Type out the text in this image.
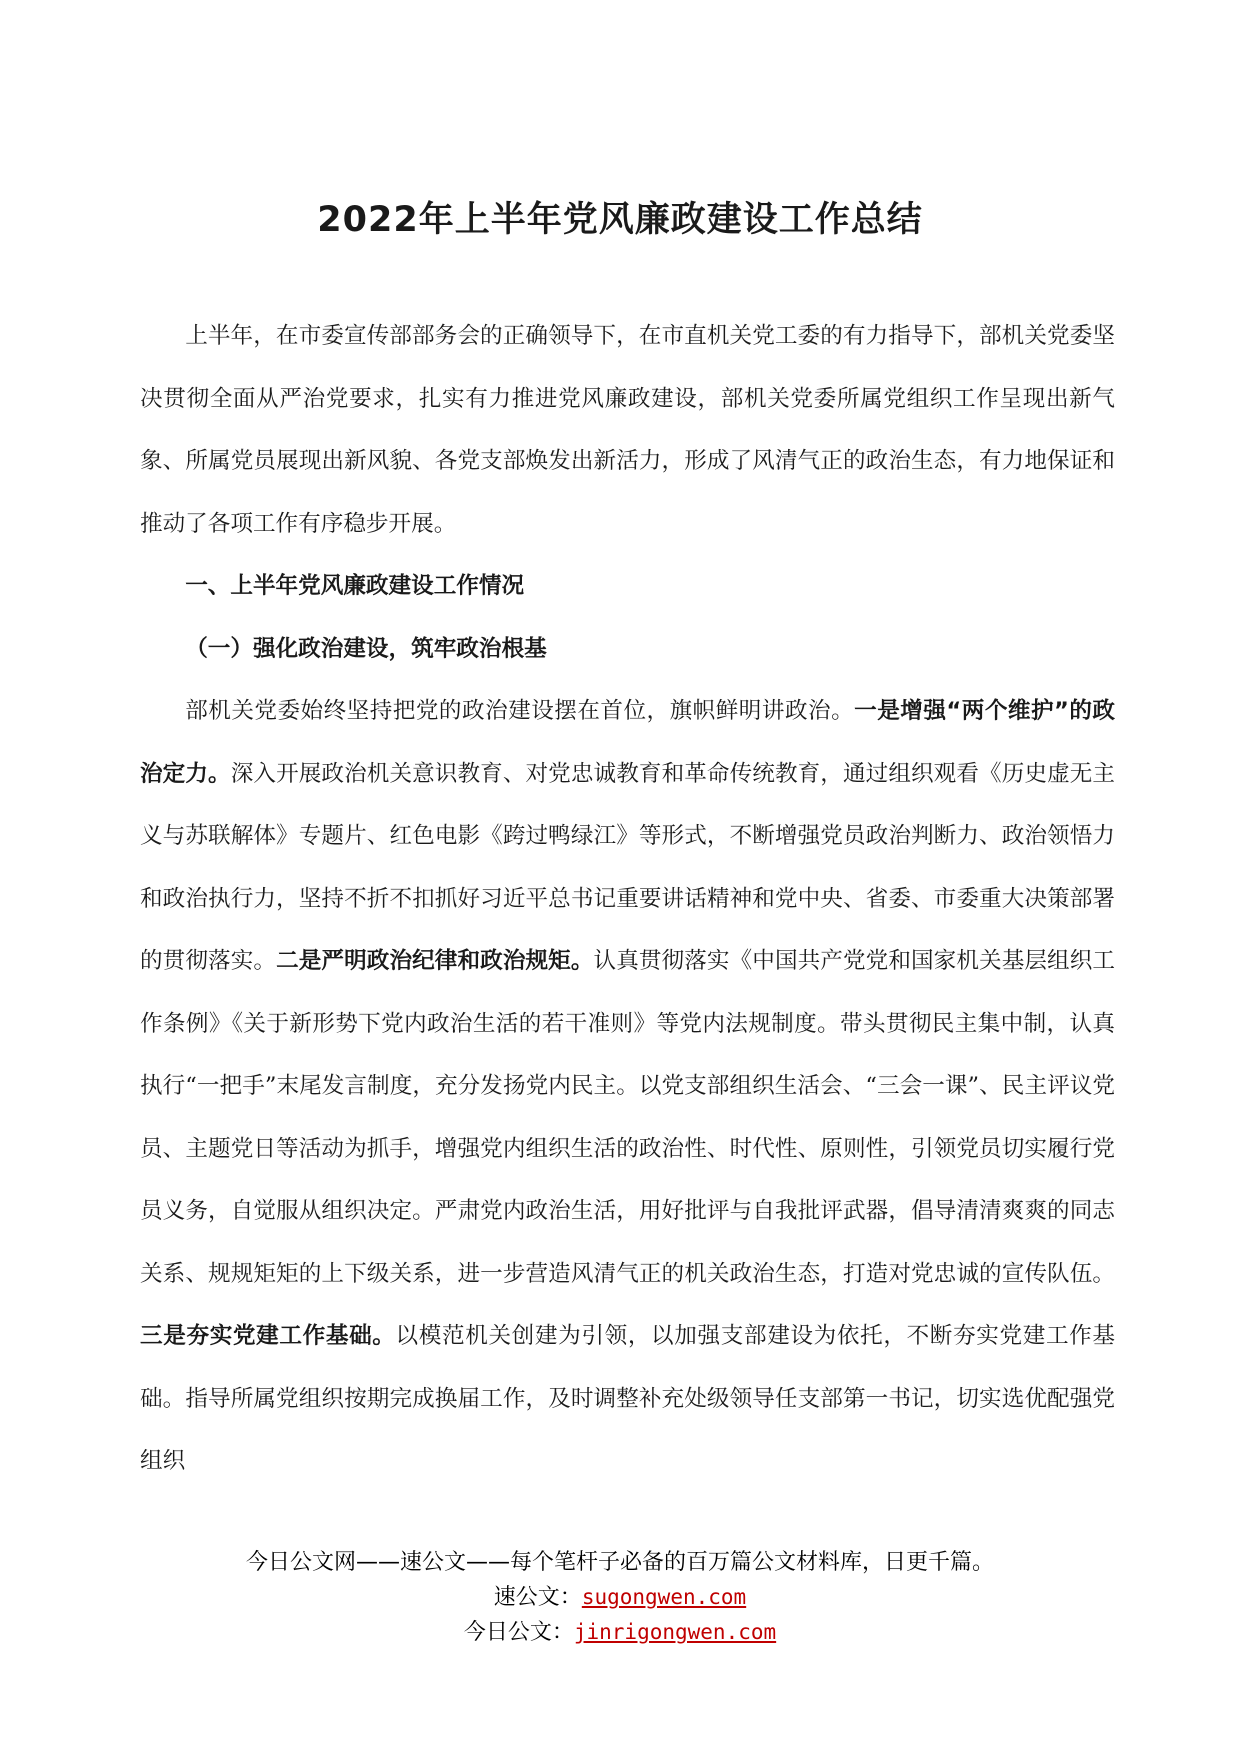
2022年上半年党风廉政建设工作总结

上半年，在市委宣传部部务会的正确领导下，在市直机关党工委的有力指导下，部机关党委坚决贯彻全面从严治党要求，扎实有力推进党风廉政建设，部机关党委所属党组织工作呈现出新气象、所属党员展现出新风貌、各党支部焕发出新活力，形成了风清气正的政治生态，有力地保证和推动了各项工作有序稳步开展。

一、上半年党风廉政建设工作情况
（一）强化政治建设，筑牢政治根基

部机关党委始终坚持把党的政治建设摆在首位，旗帜鲜明讲政治。一是增强“两个维护”的政治定力。深入开展政治机关意识教育、对党忠诚教育和革命传统教育，通过组织观看《历史虚无主义与苏联解体》专题片、红色电影《跨过鸭绿江》等形式，不断增强党员政治判断力、政治领悟力和政治执行力，坚持不折不扣抓好习近平总书记重要讲话精神和党中央、省委、市委重大决策部署的贯彻落实。二是严明政治纪律和政治规矩。认真贯彻落实《中国共产党党和国家机关基层组织工作条例》《关于新形势下党内政治生活的若干准则》等党内法规制度。带头贯彻民主集中制，认真执行“一把手”末尾发言制度，充分发扬党内民主。以党支部组织生活会、“三会一课”、民主评议党员、主题党日等活动为抓手，增强党内组织生活的政治性、时代性、原则性，引领党员切实履行党员义务，自觉服从组织决定。严肃党内政治生活，用好批评与自我批评武器，倡导清清爽爽的同志关系、规规矩矩的上下级关系，进一步营造风清气正的机关政治生态，打造对党忠诚的宣传队伍。三是夯实党建工作基础。以模范机关创建为引领，以加强支部建设为依托，不断夯实党建工作基础。指导所属党组织按期完成换届工作，及时调整补充处级领导任支部第一书记，切实选优配强党组织

今日公文网——速公文——每个笔杆子必备的百万篇公文材料库，日更千篇。
速公文：sugongwen.com
今日公文：jinrigongwen.com
